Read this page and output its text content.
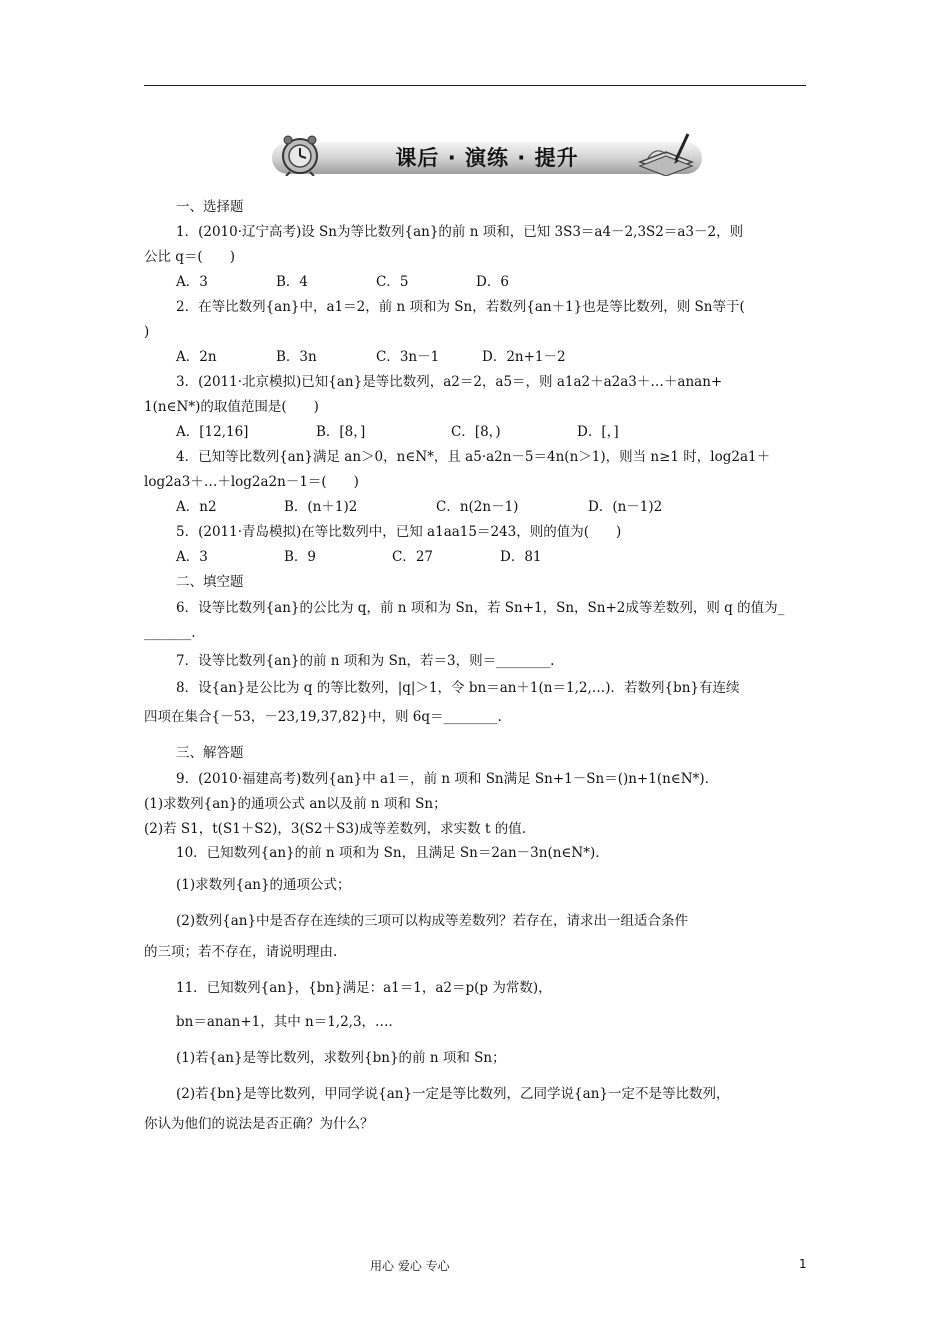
课后 · 演练 · 提升
一、选择题
1．(2010·辽宁高考)设 Sn为等比数列{an}的前 n 项和，已知 3S3＝a4－2,3S2＝a3－2，则
公比 q＝(　　)
A．3	B．4	C．5	D．6
2．在等比数列{an}中，a1＝2，前 n 项和为 Sn，若数列{an＋1}也是等比数列，则 Sn等于(
)
A．2n	B．3n	C．3n－1	D．2n+1－2
3．(2011·北京模拟)已知{an}是等比数列，a2＝2，a5＝，则 a1a2＋a2a3＋…＋anan+
1(n∈N*)的取值范围是(　　)
A．[12,16]	B．[8，]	C．[8，)	D．[，]
4．已知等比数列{an}满足 an＞0，n∈N*，且 a5·a2n－5＝4n(n＞1)，则当 n≥1 时，log2a1＋
log2a3＋…＋log2a2n－1＝(　　)
A．n2	B．(n＋1)2	C．n(2n－1)	D．(n－1)2
5．(2011·青岛模拟)在等比数列中，已知 a1aa15＝243，则的值为(　　)
A．3	B．9	C．27	D．81
二、填空题
6．设等比数列{an}的公比为 q，前 n 项和为 Sn，若 Sn+1，Sn，Sn+2成等差数列，则 q 的值为_
_______.
7．设等比数列{an}的前 n 项和为 Sn，若＝3，则＝________.
8．设{an}是公比为 q 的等比数列，|q|＞1，令 bn＝an＋1(n＝1,2,…)．若数列{bn}有连续
四项在集合{－53，－23,19,37,82}中，则 6q＝________.
三、解答题
9．(2010·福建高考)数列{an}中 a1＝，前 n 项和 Sn满足 Sn+1－Sn＝()n+1(n∈N*)．
(1)求数列{an}的通项公式 an以及前 n 项和 Sn；
(2)若 S1，t(S1＋S2)，3(S2＋S3)成等差数列，求实数 t 的值.
10．已知数列{an}的前 n 项和为 Sn，且满足 Sn＝2an－3n(n∈N*)．
(1)求数列{an}的通项公式；
(2)数列{an}中是否存在连续的三项可以构成等差数列？若存在，请求出一组适合条件
的三项；若不存在，请说明理由.
11．已知数列{an}，{bn}满足：a1＝1，a2＝p(p 为常数)，
bn＝anan+1，其中 n＝1,2,3，…．
(1)若{an}是等比数列，求数列{bn}的前 n 项和 Sn；
(2)若{bn}是等比数列，甲同学说{an}一定是等比数列，乙同学说{an}一定不是等比数列，
你认为他们的说法是否正确？为什么？
用心 爱心 专心	1
